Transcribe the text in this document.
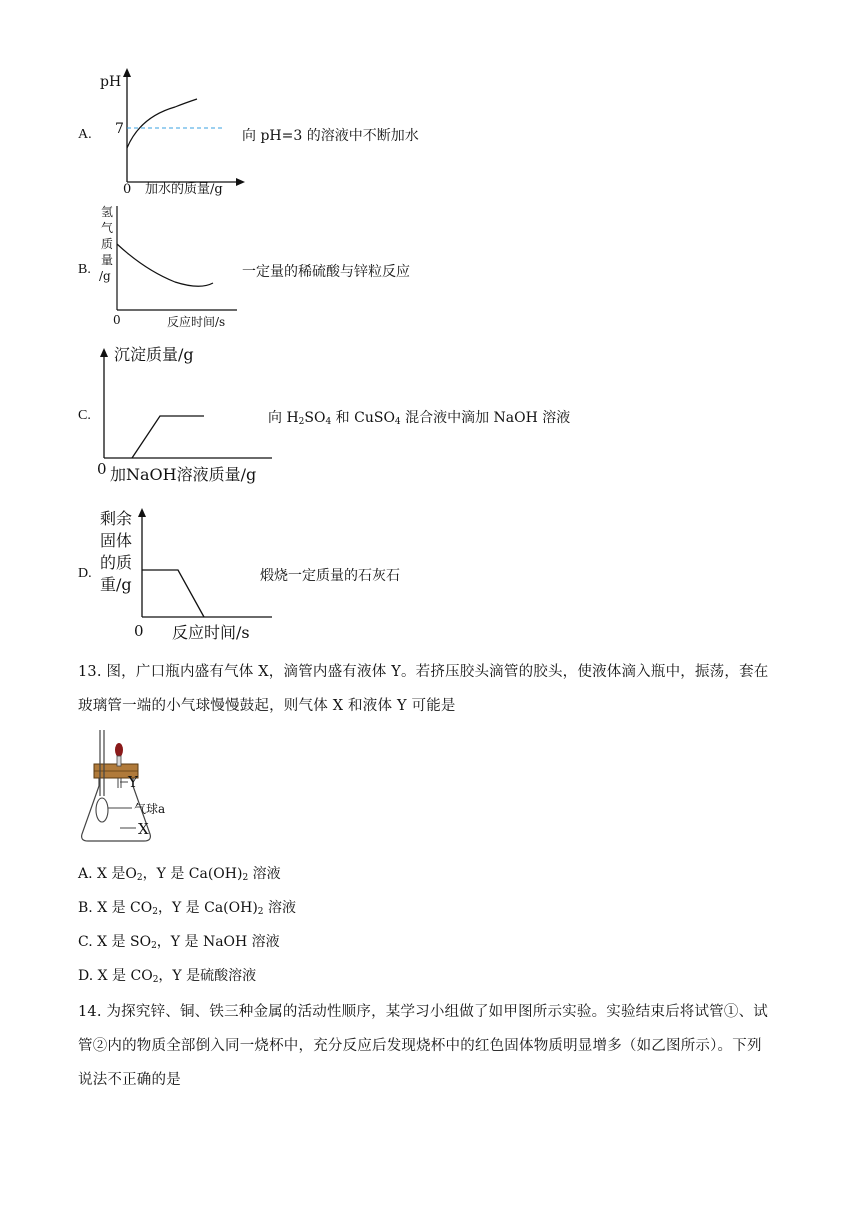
A.
pH
7
0 加水的质量/g
向 pH=3 的溶液中不断加水
B.
氢
气
质
量
/g
0	反应时间/s
一定量的稀硫酸与锌粒反应
C.
沉淀质量/g
0 加NaOH溶液质量/g
向 $H_2SO_4$ 和 CuSO$_4$ 混合液中滴加 NaOH 溶液
D.
剩余
固体
的质
重/g
0 反应时间/s
煅烧一定质量的石灰石
13. 图，广口瓶内盛有气体 X，滴管内盛有液体 Y。若挤压胶头滴管的胶头，使液体滴入瓶中，振荡，套在
玻璃管一端的小气球慢慢鼓起，则气体 X 和液体 Y 可能是
Y
气球a
X
A. X 是$O_2$，Y 是 $Ca(OH)_2$ 溶液
B. X 是 $CO_2$，Y 是 $Ca(OH)_2$ 溶液
C. X 是 $SO_2$，Y 是 NaOH 溶液
D. X 是 $CO_2$，Y 是硫酸溶液
14. 为探究锌、铜、铁三种金属的活动性顺序，某学习小组做了如甲图所示实验。实验结束后将试管①、试
管②内的物质全部倒入同一烧杯中，充分反应后发现烧杯中的红色固体物质明显增多（如乙图所示）。下列
说法不正确的是
